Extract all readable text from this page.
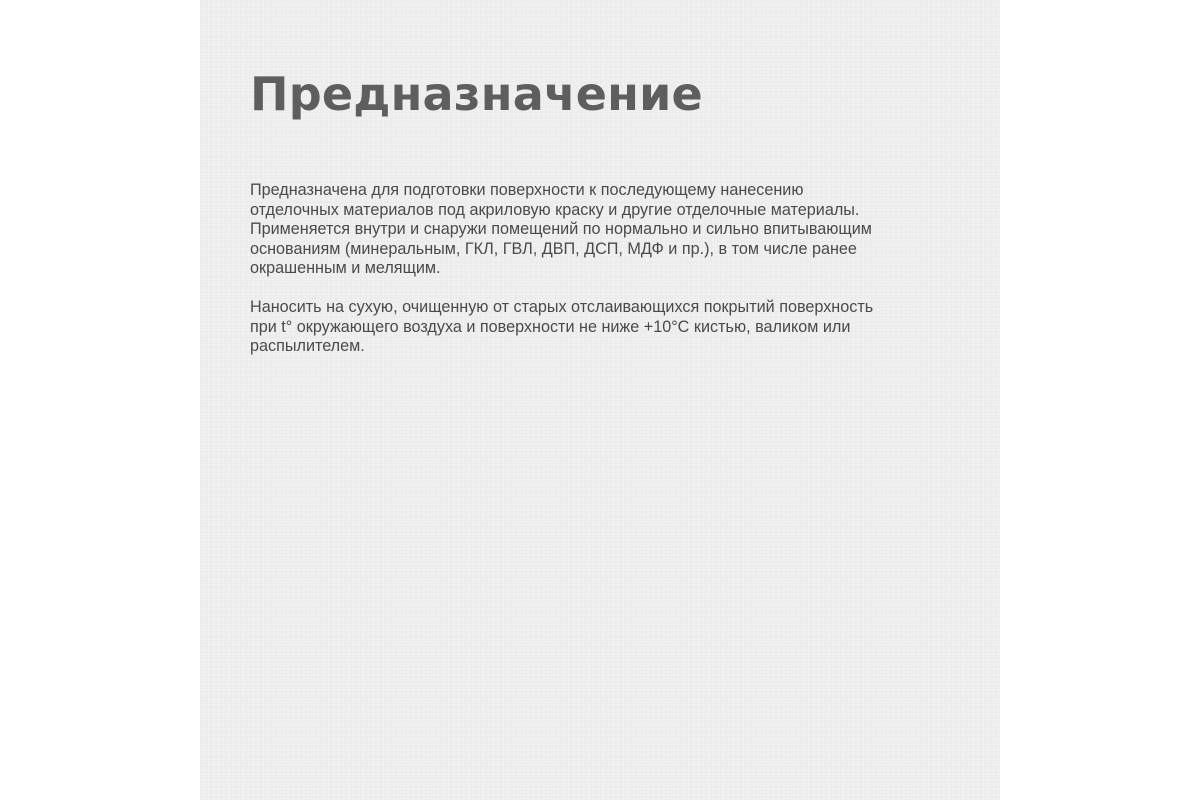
Предназначение

Предназначена для подготовки поверхности к последующему нанесению
отделочных материалов под акриловую краску и другие отделочные материалы.
Применяется внутри и снаружи помещений по нормально и сильно впитывающим
основаниям (минеральным, ГКЛ, ГВЛ, ДВП, ДСП, МДФ и пр.), в том числе ранее
окрашенным и мелящим.

Наносить на сухую, очищенную от старых отслаивающихся покрытий поверхность
при t° окружающего воздуха и поверхности не ниже +10°C кистью, валиком или
распылителем.
